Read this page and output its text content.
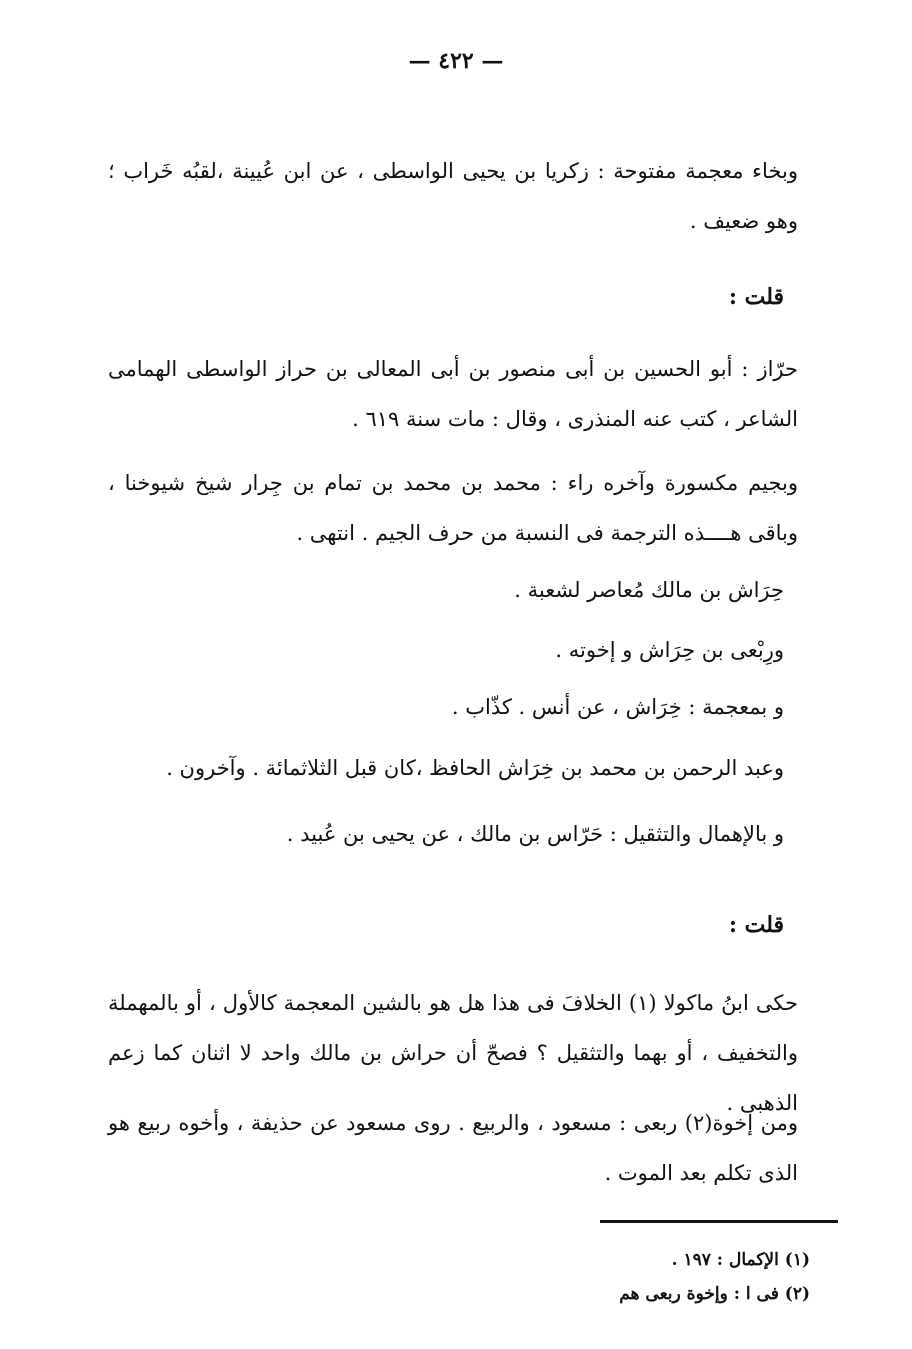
— ٤٢٢ —
وبخاء معجمة مفتوحة : زكريا بن يحيى الواسطى ، عن ابن عُيينة ،لقبُه خَراب ؛ وهو ضعيف .
قلت :
حرّاز : أبو الحسين بن أبى منصور بن أبى المعالى بن حراز الواسطى الهمامى الشاعر ، كتب عنه المنذرى ، وقال : مات سنة ٦١٩ .
وبجيم مكسورة وآخره راء : محمد بن محمد بن تمام بن جِرار شيخ شيوخنا ، وباقى هــــذه الترجمة فى النسبة من حرف الجيم . انتهى .
حِرَاش بن مالك مُعاصر لشعبة .
ورِبْعى بن حِرَاش و إخوته .
و بمعجمة : خِرَاش ، عن أنس . كذّاب .
وعبد الرحمن بن محمد بن خِرَاش الحافظ ،كان قبل الثلاثمائة . وآخرون .
و بالإهمال والتثقيل : حَرّاس بن مالك ، عن يحيى بن عُبيد .
قلت :
حكى ابنُ ماكولا (١) الخلافَ فى هذا هل هو بالشين المعجمة كالأول ، أو بالمهملة والتخفيف ، أو بهما والتثقيل ؟ فصحّ أن حراش بن مالك واحد لا اثنان كما زعم الذهبى .
ومن إخوة(٢) ربعى : مسعود ، والربيع . روى مسعود عن حذيفة ، وأخوه ربيع هو الذى تكلم بعد الموت .
(١) الإكمال : ١٩٧ .
(٢) فى ا : وإخوة ربعى هم
